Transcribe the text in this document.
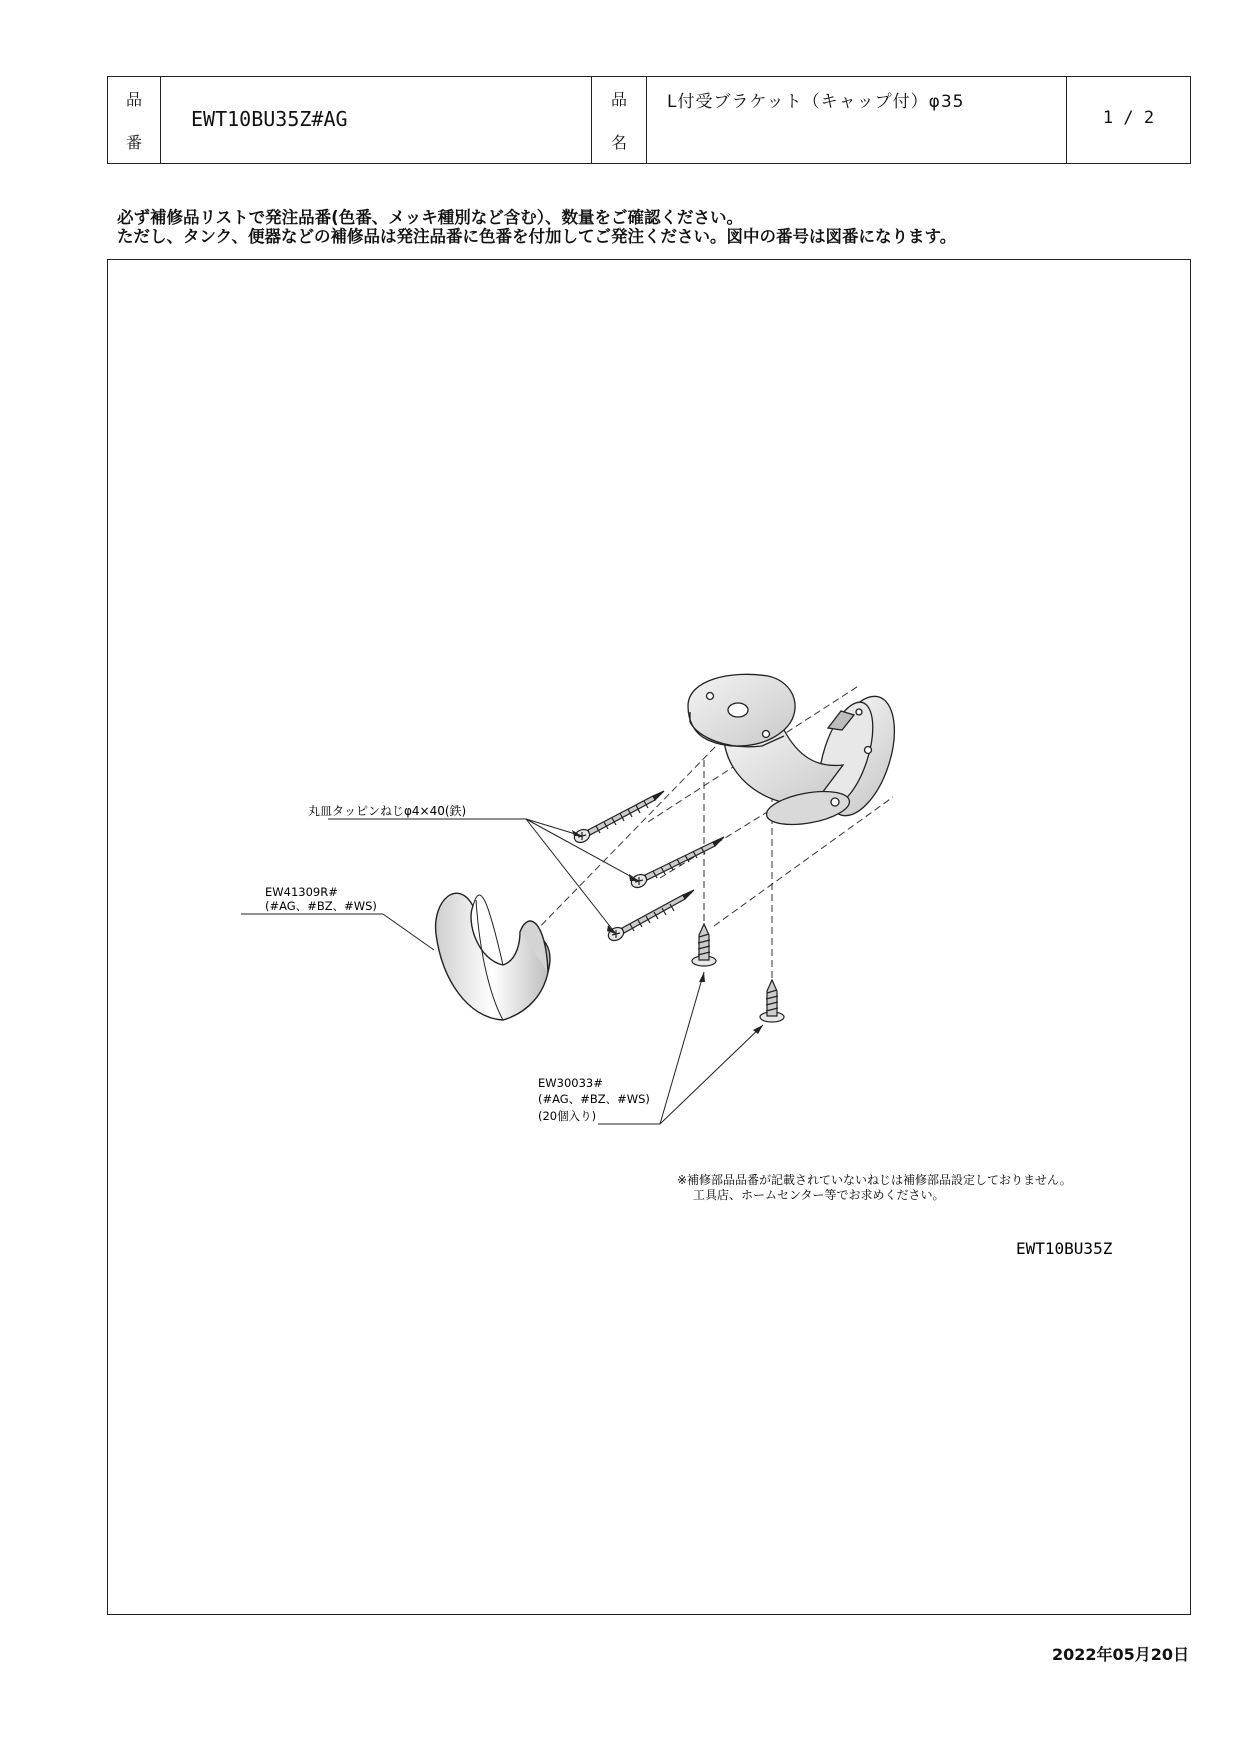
品
番
EWT10BU35Z#AG
品
名
L付受ブラケット（キャップ付）φ35
1 / 2
必ず補修品リストで発注品番(色番、メッキ種別など含む）、数量をご確認ください。
ただし、タンク、便器などの補修品は発注品番に色番を付加してご発注ください。図中の番号は図番になります。
丸皿タッピンねじφ4×40(鉄)
EW41309R#
(#AG、#BZ、#WS)
EW30033#
(#AG、#BZ、#WS)
(20個入り)
※補修部品品番が記載されていないねじは補修部品設定しておりません。
工具店、ホームセンター等でお求めください。
EWT10BU35Z
2022年05月20日
